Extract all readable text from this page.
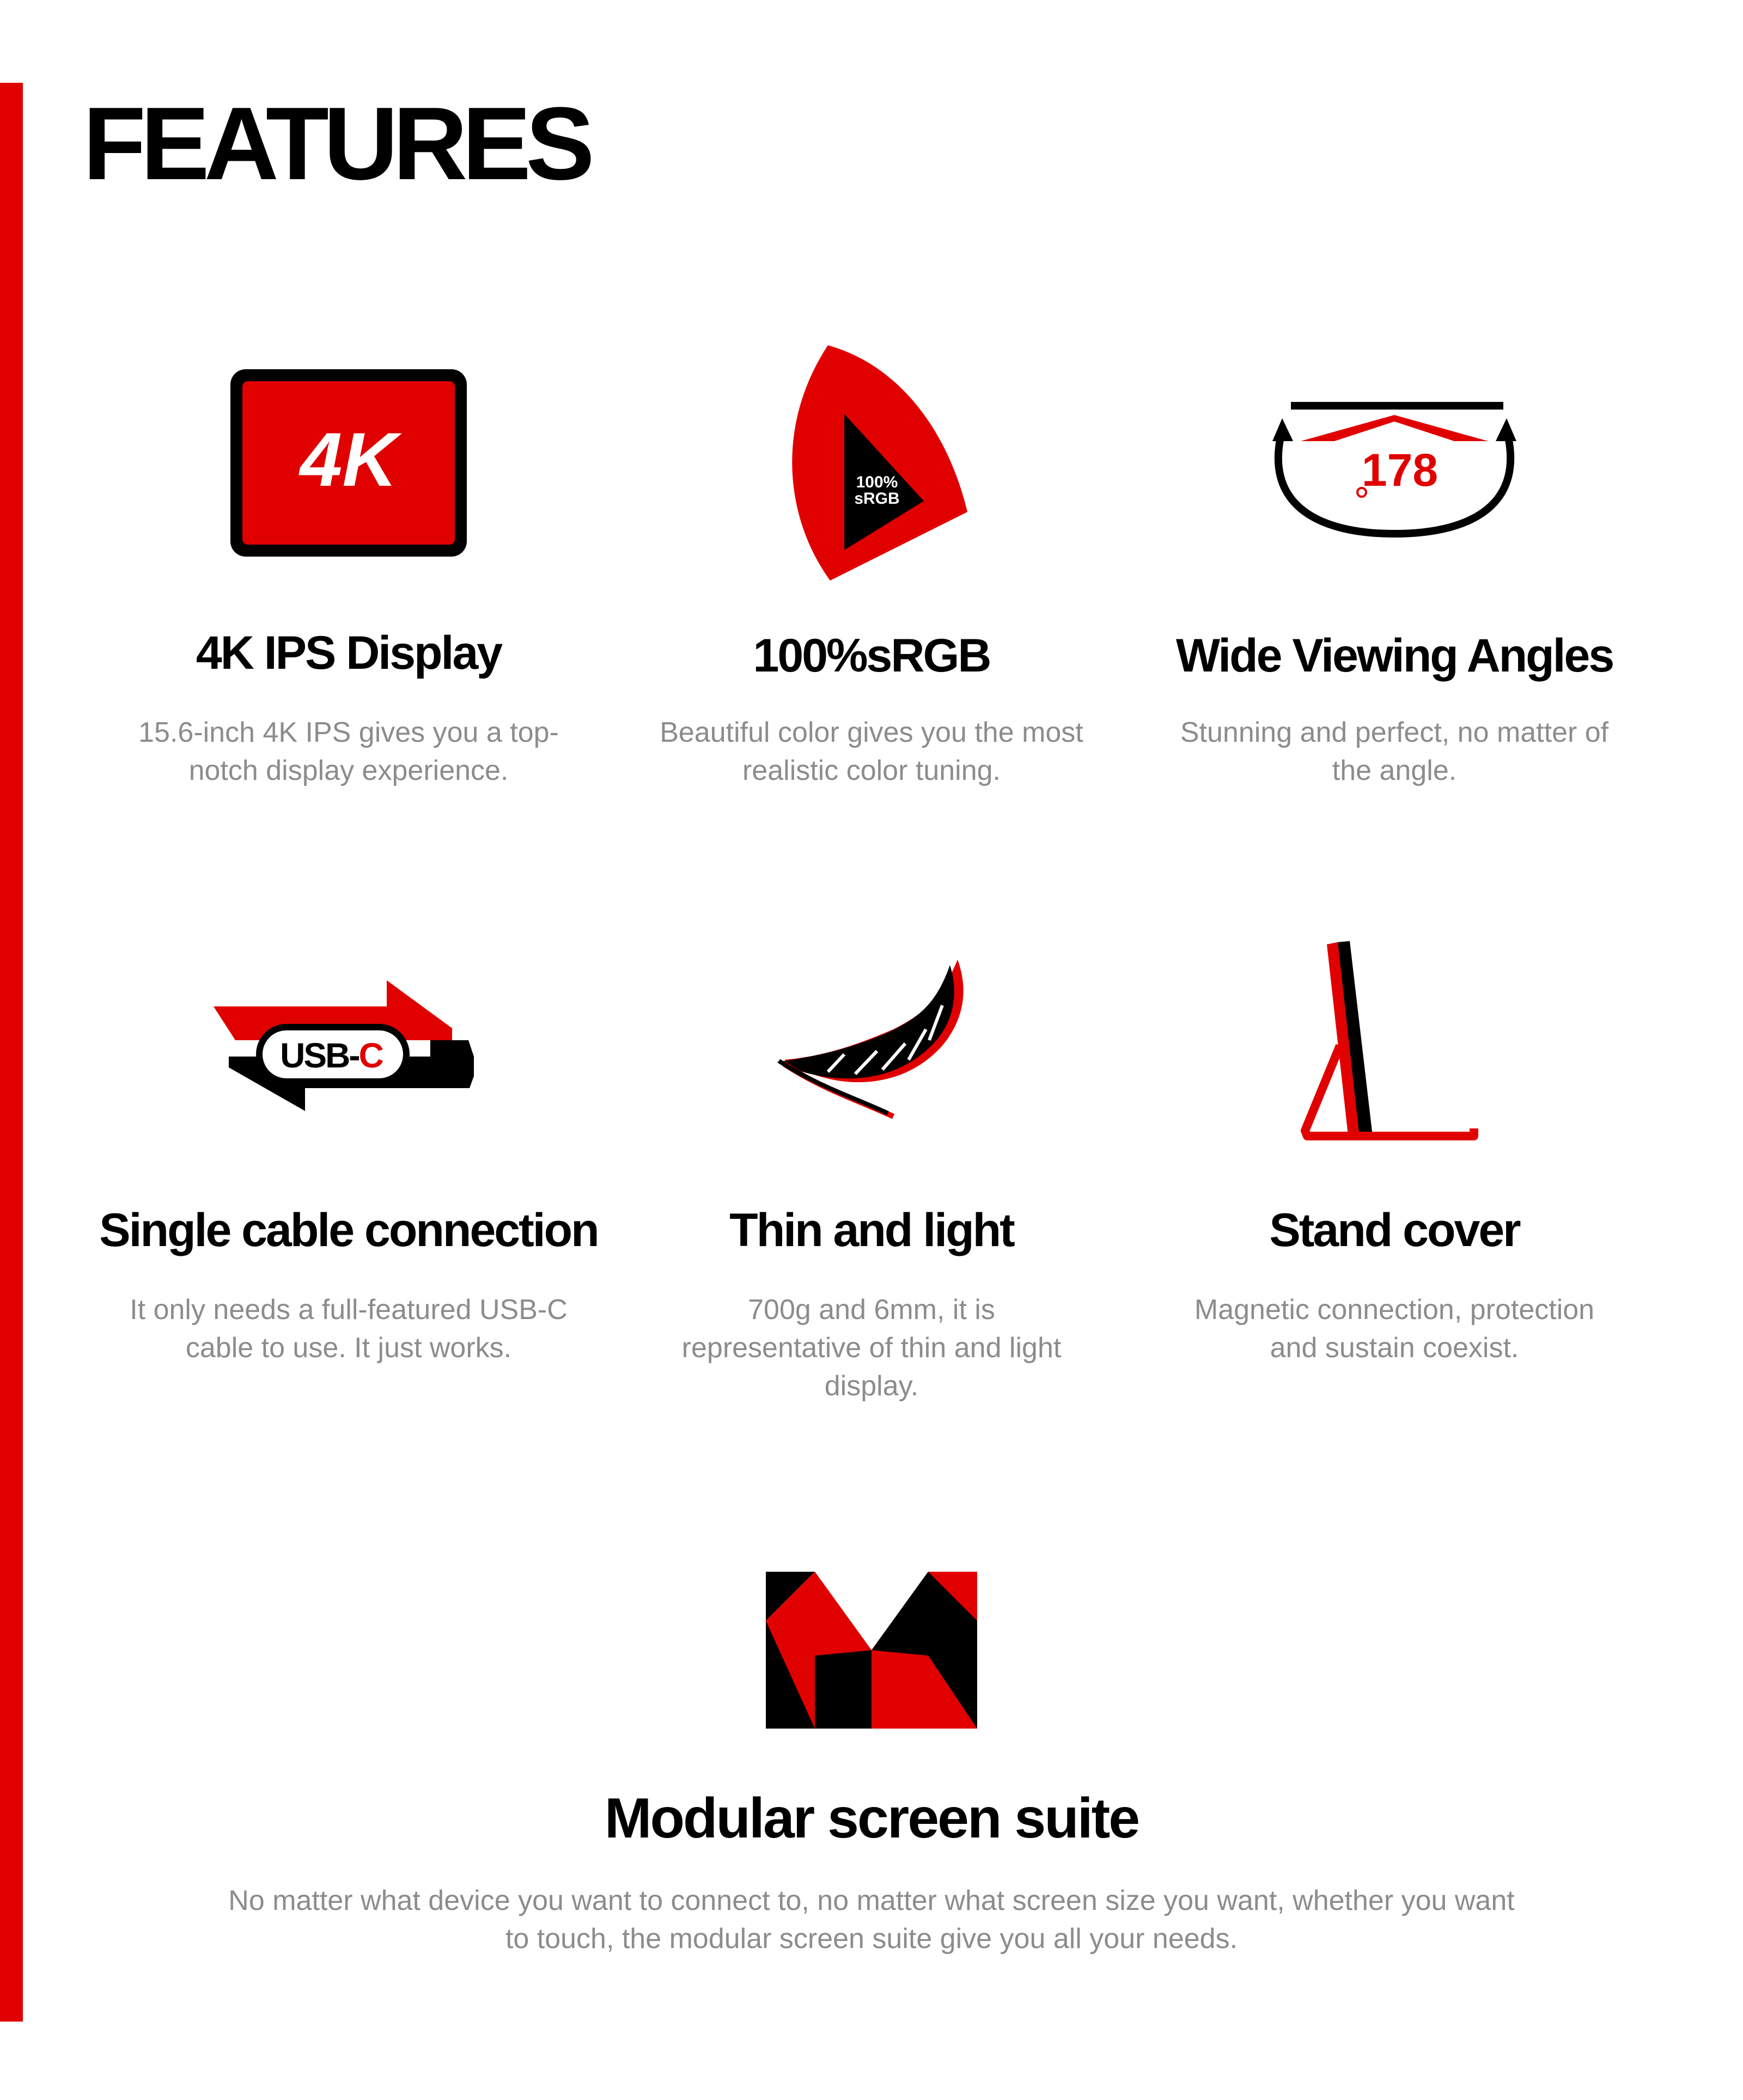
FEATURES
4K
4K IPS Display
15.6-inch 4K IPS gives you a top-notch display experience.
100%
sRGB
100%sRGB
Beautiful color gives you the most realistic color tuning.
178
Wide Viewing Angles
Stunning and perfect, no matter of the angle.
USB-C
Single cable connection
It only needs a full-featured USB-C cable to use. It just works.
Thin and light
700g and 6mm, it is representative of thin and light display.
Stand cover
Magnetic connection, protection and sustain coexist.
Modular screen suite
No matter what device you want to connect to, no matter what screen size you want, whether you want to touch, the modular screen suite give you all your needs.
